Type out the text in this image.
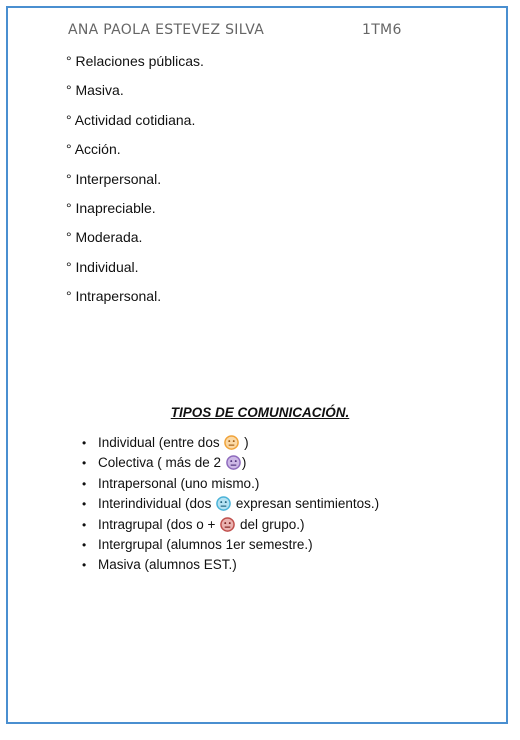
ANA PAOLA ESTEVEZ SILVA	1TM6
° Relaciones públicas.
° Masiva.
° Actividad cotidiana.
° Acción.
° Interpersonal.
° Inapreciable.
° Moderada.
° Individual.
° Intrapersonal.
TIPOS DE COMUNICACIÓN.
• Individual (entre dos  )
• Colectiva ( más de 2 )
• Intrapersonal (uno mismo.)
• Interindividual (dos  expresan sentimientos.)
• Intragrupal (dos o +  del grupo.)
• Intergrupal (alumnos 1er semestre.)
• Masiva (alumnos EST.)
